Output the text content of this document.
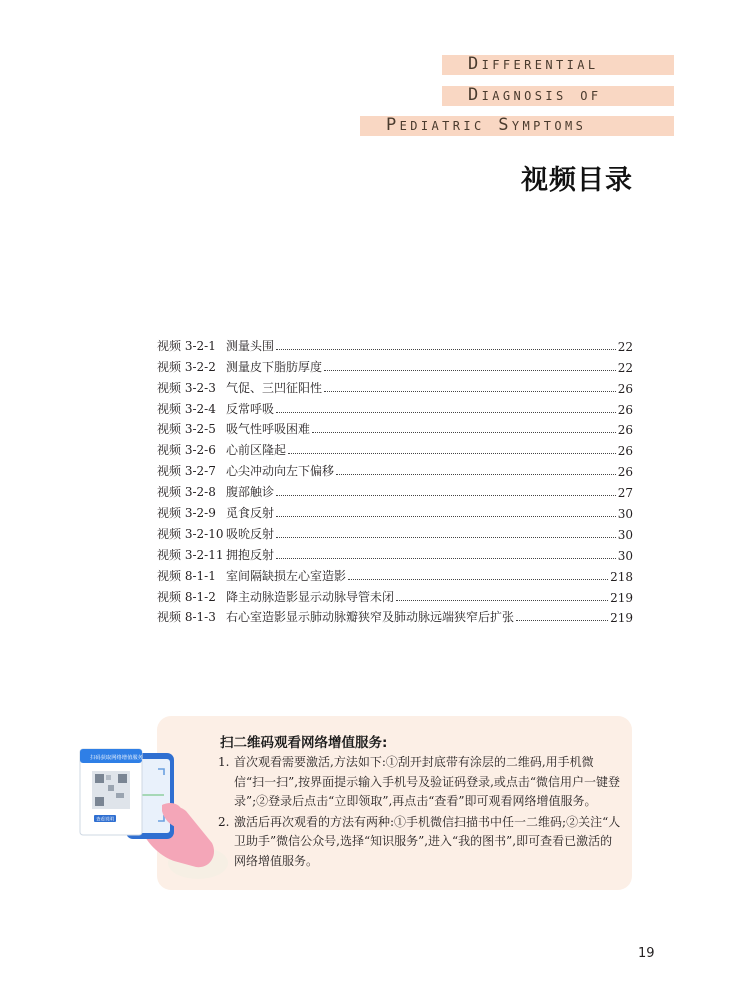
Differential
Diagnosis of
Pediatric Symptoms
视频目录
视频 3-2-1 测量头围	22
视频 3-2-2 测量皮下脂肪厚度	22
视频 3-2-3 气促、三凹征阳性	26
视频 3-2-4 反常呼吸	26
视频 3-2-5 吸气性呼吸困难	26
视频 3-2-6 心前区隆起	26
视频 3-2-7 心尖冲动向左下偏移	26
视频 3-2-8 腹部触诊	27
视频 3-2-9 觅食反射	30
视频 3-2-10 吸吮反射	30
视频 3-2-11 拥抱反射	30
视频 8-1-1 室间隔缺损左心室造影	218
视频 8-1-2 降主动脉造影显示动脉导管未闭	219
视频 8-1-3 右心室造影显示肺动脉瓣狭窄及肺动脉远端狭窄后扩张	219
扫码获取网络增值服务
查看说明
扫二维码观看网络增值服务:
1. 首次观看需要激活,方法如下:①刮开封底带有涂层的二维码,用手机微信“扫一扫”,按界面提示输入手机号及验证码登录,或点击“微信用户一键登录”;②登录后点击“立即领取”,再点击“查看”即可观看网络增值服务。
2. 激活后再次观看的方法有两种:①手机微信扫描书中任一二维码;②关注“人卫助手”微信公众号,选择“知识服务”,进入“我的图书”,即可查看已激活的网络增值服务。
19
